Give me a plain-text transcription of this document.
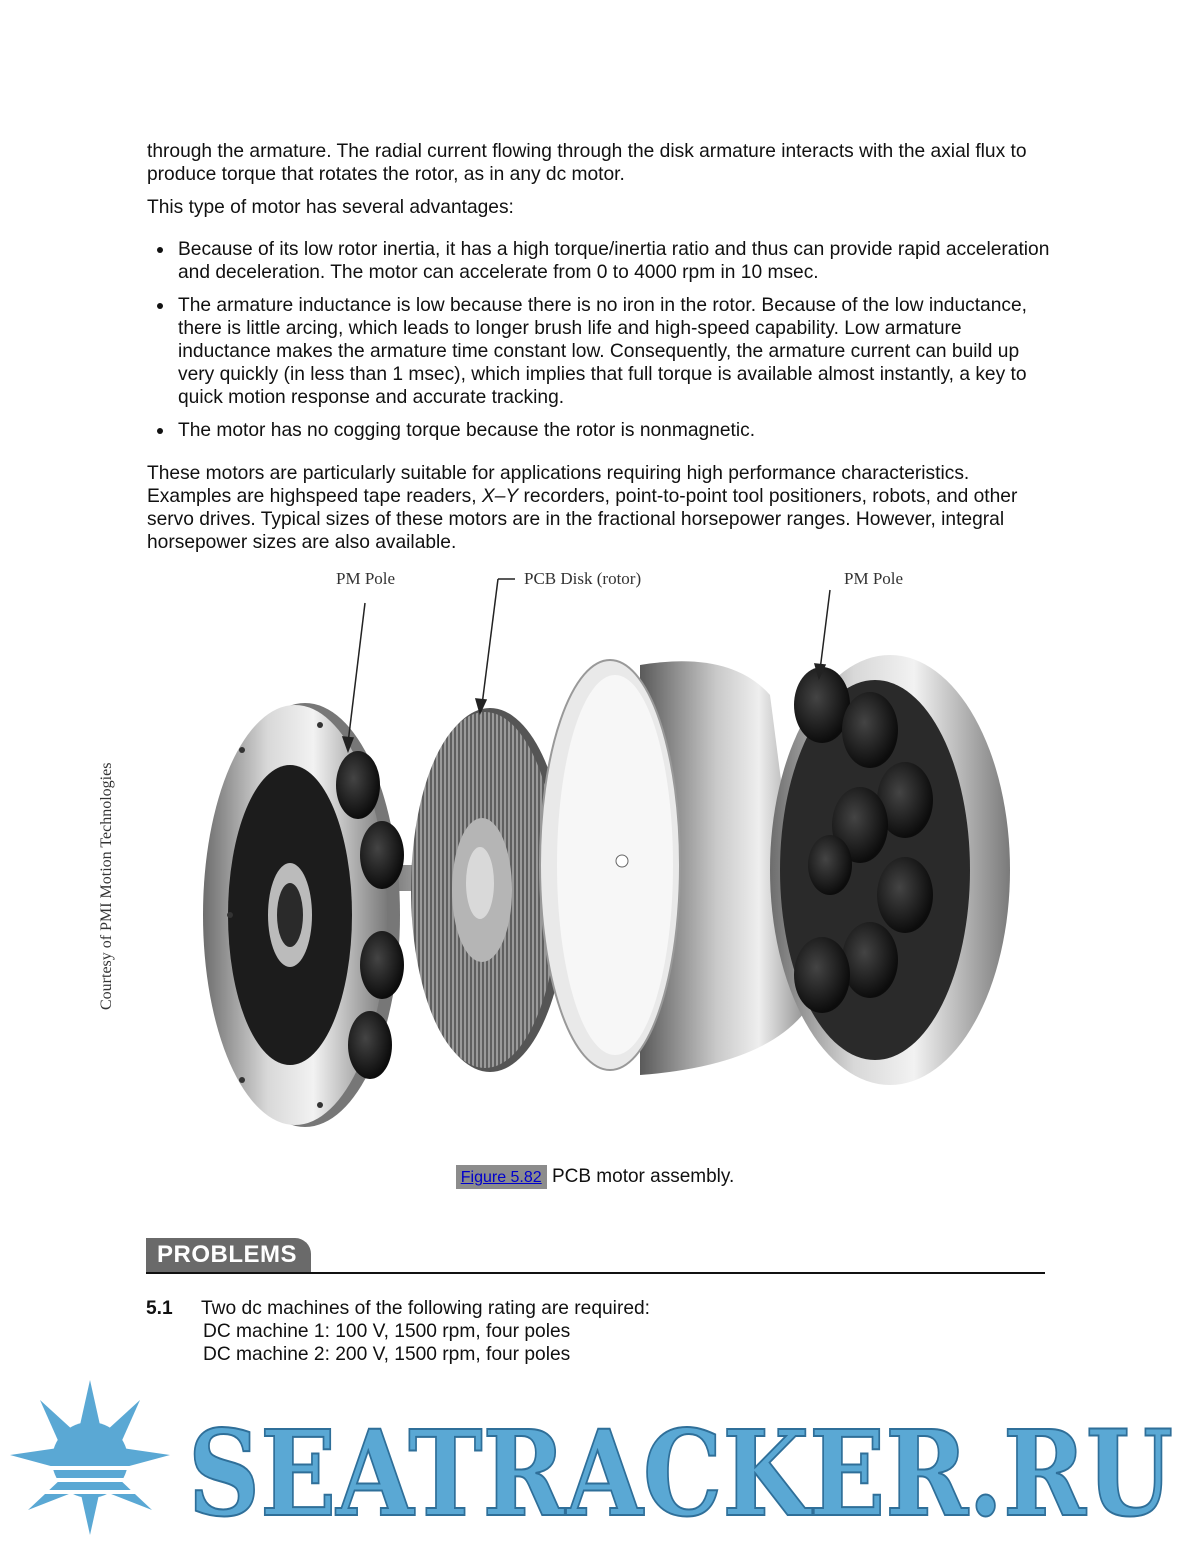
through the armature. The radial current flowing through the disk armature interacts with the axial flux to produce torque that rotates the rotor, as in any dc motor.

This type of motor has several advantages:

Because of its low rotor inertia, it has a high torque/inertia ratio and thus can provide rapid acceleration and deceleration. The motor can accelerate from 0 to 4000 rpm in 10 msec.
The armature inductance is low because there is no iron in the rotor. Because of the low inductance, there is little arcing, which leads to longer brush life and high-speed capability. Low armature inductance makes the armature time constant low. Consequently, the armature current can build up very quickly (in less than 1 msec), which implies that full torque is available almost instantly, a key to quick motion response and accurate tracking.
The motor has no cogging torque because the rotor is nonmagnetic.

These motors are particularly suitable for applications requiring high performance characteristics. Examples are highspeed tape readers, X–Y recorders, point-to-point tool positioners, robots, and other servo drives. Typical sizes of these motors are in the fractional horsepower ranges. However, integral horsepower sizes are also available.

PM Pole	PCB Disk (rotor)	PM Pole
Courtesy of PMI Motion Technologies
Figure 5.82 PCB motor assembly.
PROBLEMS
5.1 Two dc machines of the following rating are required:
DC machine 1: 100 V, 1500 rpm, four poles
DC machine 2: 200 V, 1500 rpm, four poles
SEATRACKER.RU
